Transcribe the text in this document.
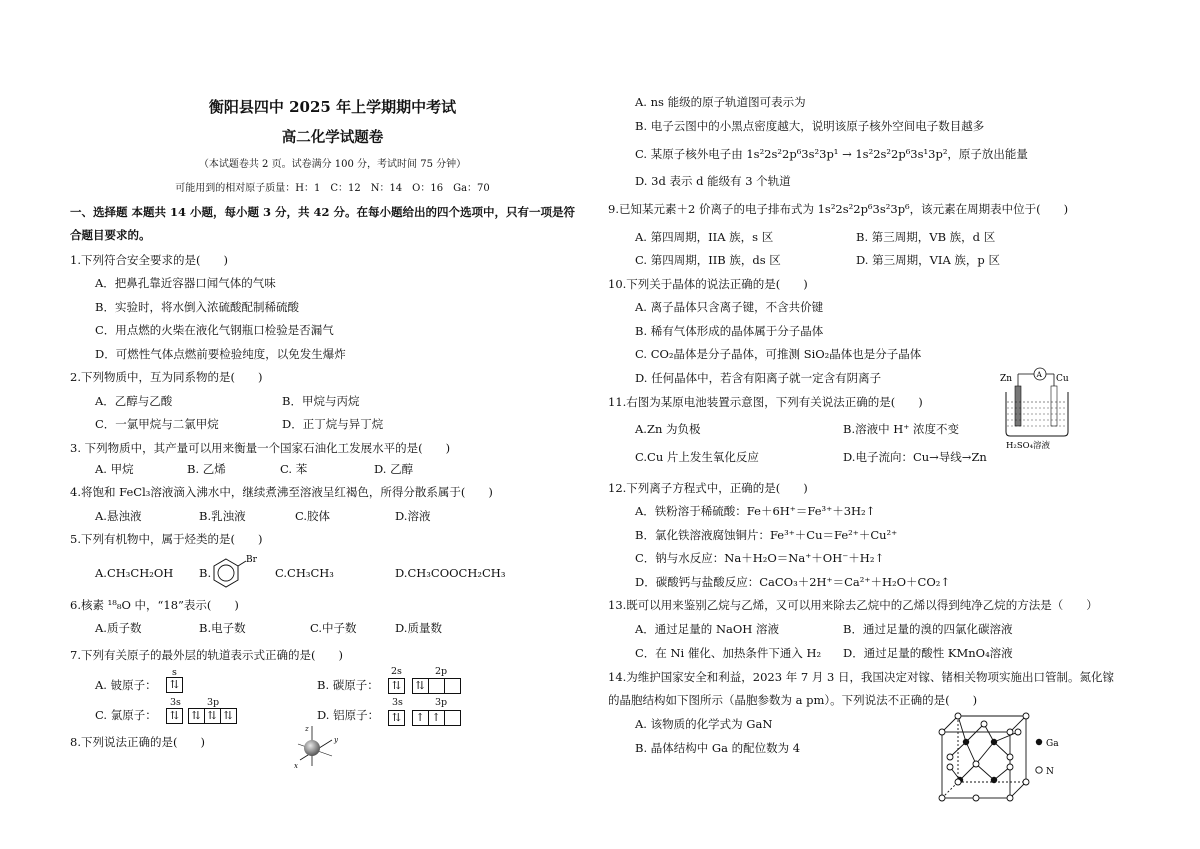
衡阳县四中 2025 年上学期期中考试
高二化学试题卷
（本试题卷共 2 页。试卷满分 100 分，考试时间 75 分钟）
可能用到的相对原子质量：H：1　C：12　N：14　O：16　Ga：70
一、选择题 本题共 14 小题，每小题 3 分，共 42 分。在每小题给出的四个选项中，只有一项是符
合题目要求的。
1.下列符合安全要求的是(　　)
A．把鼻孔靠近容器口闻气体的气味
B．实验时，将水倒入浓硫酸配制稀硫酸
C．用点燃的火柴在液化气钢瓶口检验是否漏气
D．可燃性气体点燃前要检验纯度，以免发生爆炸
2.下列物质中，互为同系物的是(　　)
A．乙醇与乙酸	B．甲烷与丙烷
C．一氯甲烷与二氯甲烷	D．正丁烷与异丁烷
3. 下列物质中，其产量可以用来衡量一个国家石油化工发展水平的是(　　)
A. 甲烷	B. 乙烯	C. 苯	D. 乙醇
4.将饱和 FeCl₃溶液滴入沸水中，继续煮沸至溶液呈红褐色，所得分散系属于(　　)
A.悬浊液	B.乳浊液	C.胶体	D.溶液
5.下列有机物中，属于烃类的是(　　)
A.CH₃CH₂OH B.
Br
C.CH₃CH₃	D.CH₃COOCH₂CH₃
6.核素 ¹⁸₈O 中，“18”表示(　　)
A.质子数	B.电子数	C.中子数	D.质量数
7.下列有关原子的最外层的轨道表示式正确的是(　　)
A. 铍原子：
s
⇅	B. 碳原子：
2s	2p
⇅ ⇅
C. 氯原子：
3s	3p
⇅ ⇅ ⇅ ⇅	D. 铝原子：
3s	3p
⇅ ↑ ↑
8.下列说法正确的是(　　)
z
y
x
A. ns 能级的原子轨道图可表示为
B. 电子云图中的小黑点密度越大，说明该原子核外空间电子数目越多
C. 某原子核外电子由 1s²2s²2p⁶3s²3p¹ → 1s²2s²2p⁶3s¹3p²，原子放出能量
D. 3d 表示 d 能级有 3 个轨道
9.已知某元素＋2 价离子的电子排布式为 1s²2s²2p⁶3s²3p⁶，该元素在周期表中位于(　　)
A. 第四周期，IIA 族，s 区	B. 第三周期，VB 族，d 区
C. 第四周期，IIB 族，ds 区	D. 第三周期，VIA 族，p 区
10.下列关于晶体的说法正确的是(　　)
A. 离子晶体只含离子键，不含共价键
B. 稀有气体形成的晶体属于分子晶体
C. CO₂晶体是分子晶体，可推测 SiO₂晶体也是分子晶体
D. 任何晶体中，若含有阳离子就一定含有阴离子
11.右图为某原电池装置示意图，下列有关说法正确的是(　　)
A.Zn 为负极	B.溶液中 H⁺ 浓度不变
C.Cu 片上发生氧化反应	D.电子流向：Cu→导线→Zn
Zn	Cu
A
H₂SO₄溶液
12.下列离子方程式中，正确的是(　　)
A．铁粉溶于稀硫酸：Fe＋6H⁺＝Fe³⁺＋3H₂↑
B．氯化铁溶液腐蚀铜片：Fe³⁺＋Cu＝Fe²⁺＋Cu²⁺
C．钠与水反应：Na＋H₂O＝Na⁺＋OH⁻＋H₂↑
D．碳酸钙与盐酸反应：CaCO₃＋2H⁺＝Ca²⁺＋H₂O＋CO₂↑
13.既可以用来鉴别乙烷与乙烯，又可以用来除去乙烷中的乙烯以得到纯净乙烷的方法是（　　）
A．通过足量的 NaOH 溶液	B．通过足量的溴的四氯化碳溶液
C．在 Ni 催化、加热条件下通入 H₂ D．通过足量的酸性 KMnO₄溶液
14.为维护国家安全和利益，2023 年 7 月 3 日，我国决定对镓、锗相关物项实施出口管制。氮化镓
的晶胞结构如下图所示（晶胞参数为 a pm）。下列说法不正确的是(　　)
A. 该物质的化学式为 GaN
B. 晶体结构中 Ga 的配位数为 4	Ga
N
